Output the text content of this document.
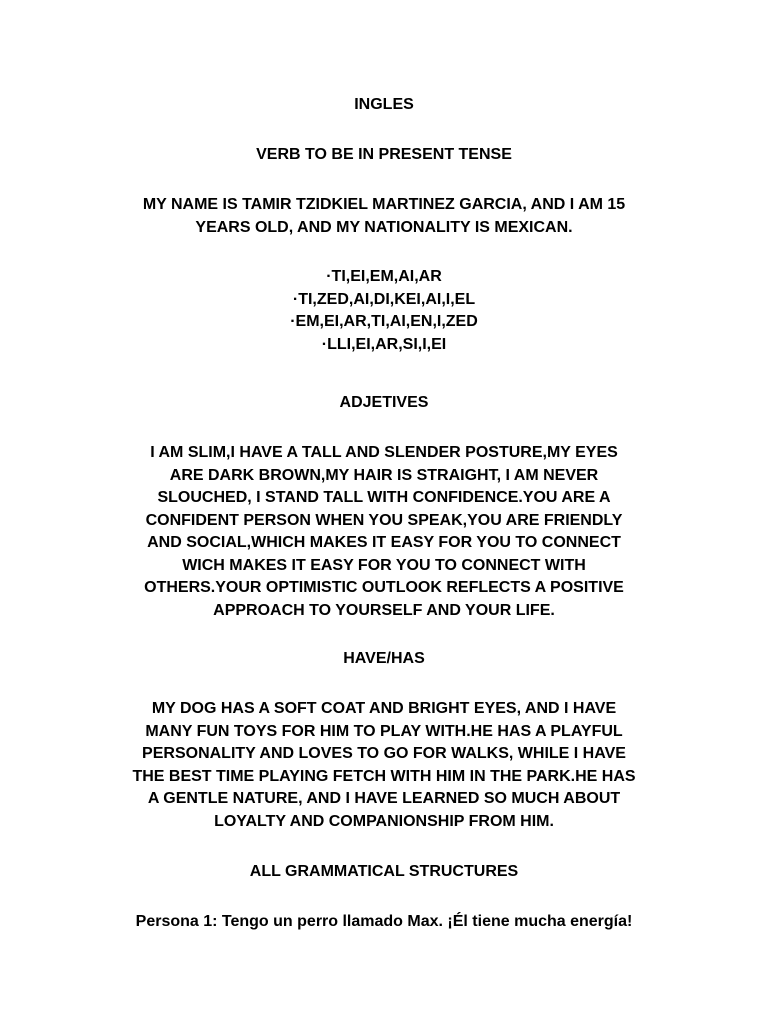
INGLES

VERB TO BE IN PRESENT TENSE

MY NAME IS TAMIR TZIDKIEL MARTINEZ GARCIA, AND I AM 15
YEARS OLD, AND MY NATIONALITY IS MEXICAN.

·TI,EI,EM,AI,AR
·TI,ZED,AI,DI,KEI,AI,I,EL
·EM,EI,AR,TI,AI,EN,I,ZED
·LLI,EI,AR,SI,I,EI

ADJETIVES

I AM SLIM,I HAVE A TALL AND SLENDER POSTURE,MY EYES
ARE DARK BROWN,MY HAIR IS STRAIGHT, I AM NEVER
SLOUCHED, I STAND TALL WITH CONFIDENCE.YOU ARE A
CONFIDENT PERSON WHEN YOU SPEAK,YOU ARE FRIENDLY
AND SOCIAL,WHICH MAKES IT EASY FOR YOU TO CONNECT
WICH MAKES IT EASY FOR YOU TO CONNECT WITH
OTHERS.YOUR OPTIMISTIC OUTLOOK REFLECTS A POSITIVE
APPROACH TO YOURSELF AND YOUR LIFE.

HAVE/HAS

MY DOG HAS A SOFT COAT AND BRIGHT EYES, AND I HAVE
MANY FUN TOYS FOR HIM TO PLAY WITH.HE HAS A PLAYFUL
PERSONALITY AND LOVES TO GO FOR WALKS, WHILE I HAVE
THE BEST TIME PLAYING FETCH WITH HIM IN THE PARK.HE HAS
A GENTLE NATURE, AND I HAVE LEARNED SO MUCH ABOUT
LOYALTY AND COMPANIONSHIP FROM HIM.

ALL GRAMMATICAL STRUCTURES

Persona 1: Tengo un perro llamado Max. ¡Él tiene mucha energía!
